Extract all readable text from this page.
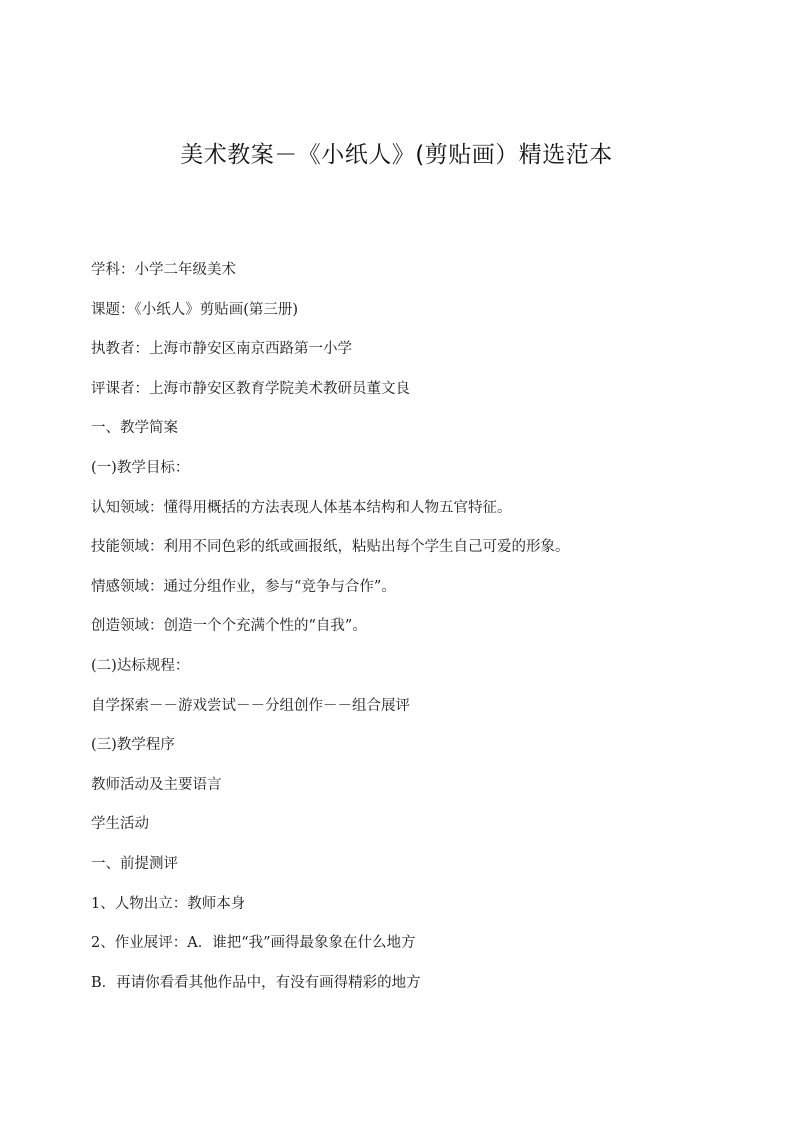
美术教案－《小纸人》(剪贴画）精选范本
学科：小学二年级美术
课题：《小纸人》剪贴画(第三册)
执教者：上海市静安区南京西路第一小学
评课者：上海市静安区教育学院美术教研员董文良
一、教学简案
(一)教学目标：
认知领域：懂得用概括的方法表现人体基本结构和人物五官特征。
技能领域：利用不同色彩的纸或画报纸，粘贴出每个学生自己可爱的形象。
情感领域：通过分组作业，参与“竞争与合作”。
创造领域：创造一个个充满个性的“自我”。
(二)达标规程：
自学探索－－游戏尝试－－分组创作－－组合展评
(三)教学程序
教师活动及主要语言
学生活动
一、前提测评
1、人物出立：教师本身
2、作业展评：A．谁把“我”画得最象象在什么地方
B．再请你看看其他作品中，有没有画得精彩的地方
